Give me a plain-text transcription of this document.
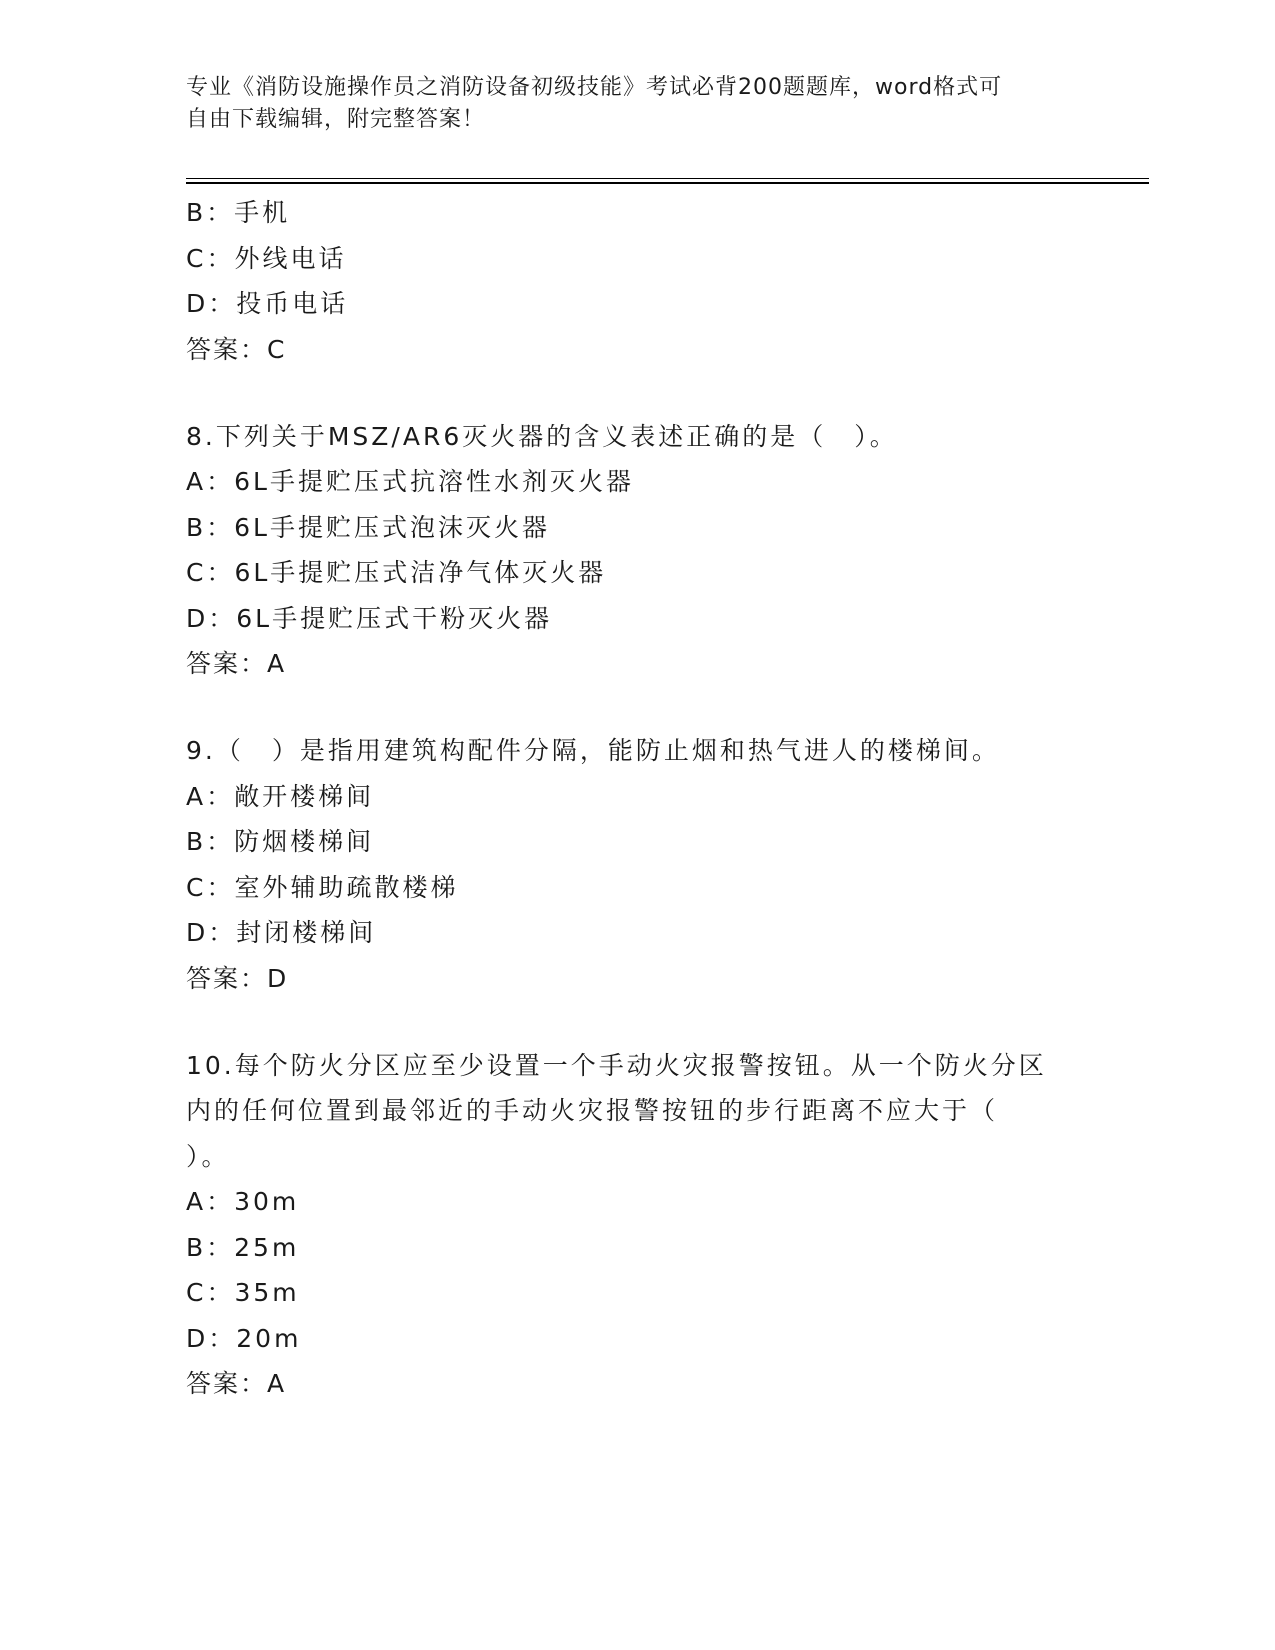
专业《消防设施操作员之消防设备初级技能》考试必背200题题库，word格式可
自由下载编辑，附完整答案！
B：手机
C：外线电话
D：投币电话
答案：C
8.下列关于MSZ/AR6灭火器的含义表述正确的是（　）。
A：6L手提贮压式抗溶性水剂灭火器
B：6L手提贮压式泡沫灭火器
C：6L手提贮压式洁净气体灭火器
D：6L手提贮压式干粉灭火器
答案：A
9.（　）是指用建筑构配件分隔，能防止烟和热气进人的楼梯间。
A：敞开楼梯间
B：防烟楼梯间
C：室外辅助疏散楼梯
D：封闭楼梯间
答案：D
10.每个防火分区应至少设置一个手动火灾报警按钮。从一个防火分区
内的任何位置到最邻近的手动火灾报警按钮的步行距离不应大于（
）。
A：30m
B：25m
C：35m
D：20m
答案：A
